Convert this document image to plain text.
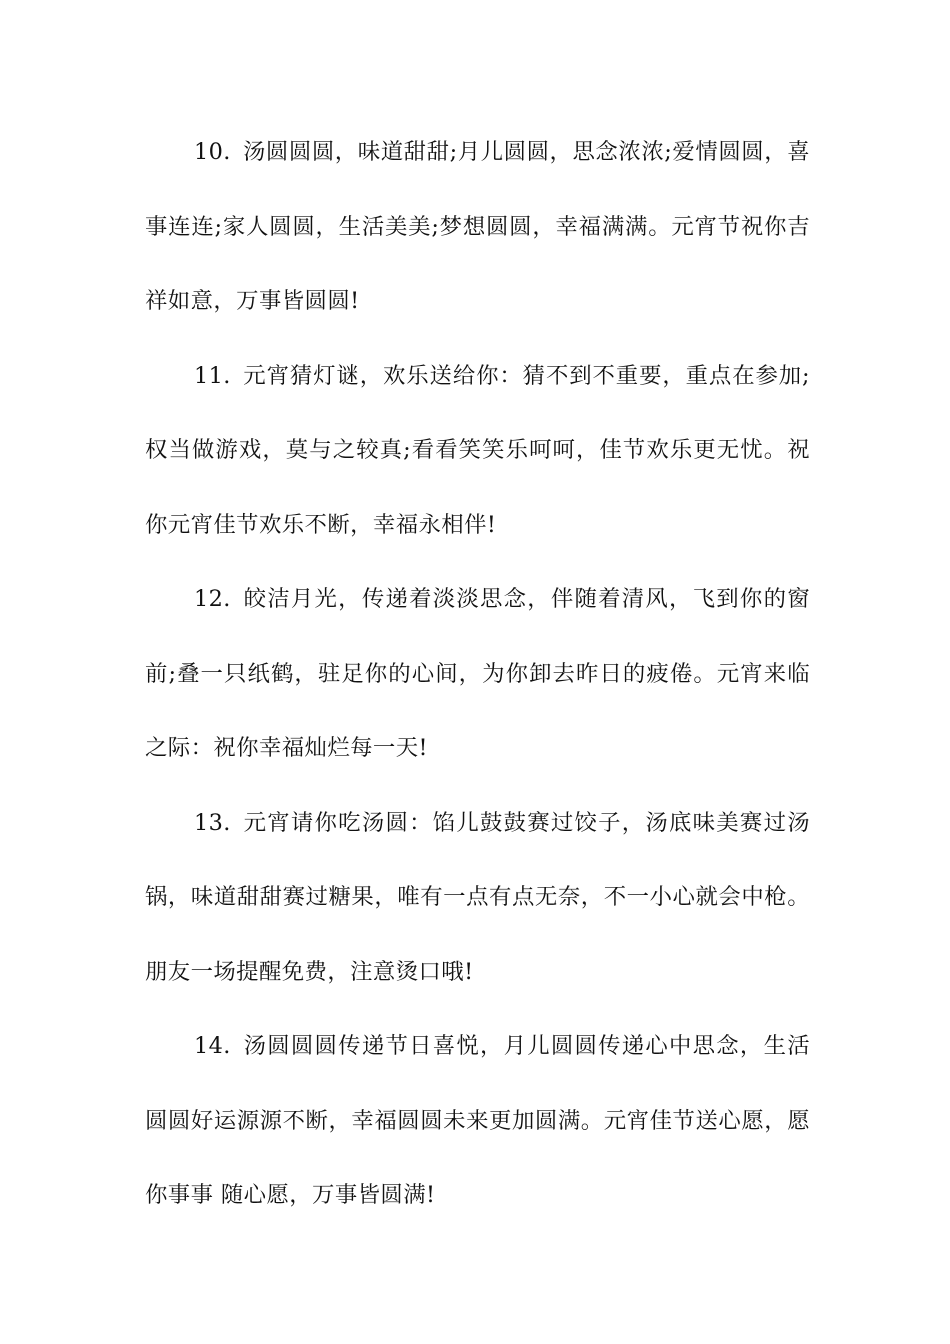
10. 汤圆圆圆，味道甜甜;月儿圆圆，思念浓浓;爱情圆圆，喜事连连;家人圆圆，生活美美;梦想圆圆，幸福满满。元宵节祝你吉祥如意，万事皆圆圆!

11. 元宵猜灯谜，欢乐送给你：猜不到不重要，重点在参加;权当做游戏，莫与之较真;看看笑笑乐呵呵，佳节欢乐更无忧。祝你元宵佳节欢乐不断，幸福永相伴!

12. 皎洁月光，传递着淡淡思念，伴随着清风，飞到你的窗前;叠一只纸鹤，驻足你的心间，为你卸去昨日的疲倦。元宵来临之际：祝你幸福灿烂每一天!

13. 元宵请你吃汤圆：馅儿鼓鼓赛过饺子，汤底味美赛过汤锅，味道甜甜赛过糖果，唯有一点有点无奈，不一小心就会中枪。朋友一场提醒免费，注意烫口哦!

14. 汤圆圆圆传递节日喜悦，月儿圆圆传递心中思念，生活圆圆好运源源不断，幸福圆圆未来更加圆满。元宵佳节送心愿，愿你事事 随心愿，万事皆圆满!
